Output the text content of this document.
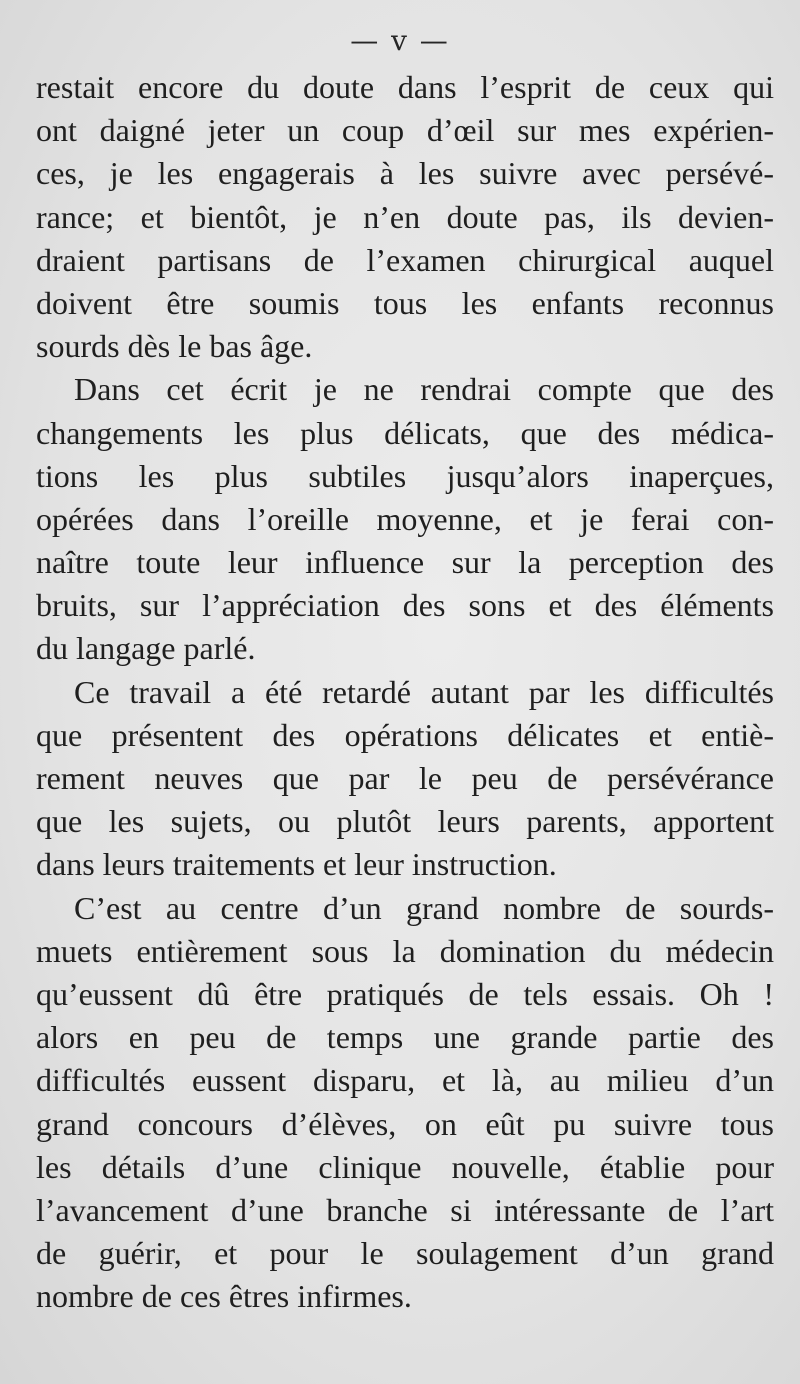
— v —
restait encore du doute dans l’esprit de ceux qui
ont daigné jeter un coup d’œil sur mes expérien-
ces, je les engagerais à les suivre avec persévé-
rance; et bientôt, je n’en doute pas, ils devien-
draient partisans de l’examen chirurgical auquel
doivent être soumis tous les enfants reconnus
sourds dès le bas âge.
Dans cet écrit je ne rendrai compte que des
changements les plus délicats, que des médica-
tions les plus subtiles jusqu’alors inaperçues,
opérées dans l’oreille moyenne, et je ferai con-
naître toute leur influence sur la perception des
bruits, sur l’appréciation des sons et des éléments
du langage parlé.
Ce travail a été retardé autant par les difficultés
que présentent des opérations délicates et entiè-
rement neuves que par le peu de persévérance
que les sujets, ou plutôt leurs parents, apportent
dans leurs traitements et leur instruction.
C’est au centre d’un grand nombre de sourds-
muets entièrement sous la domination du médecin
qu’eussent dû être pratiqués de tels essais. Oh !
alors en peu de temps une grande partie des
difficultés eussent disparu, et là, au milieu d’un
grand concours d’élèves, on eût pu suivre tous
les détails d’une clinique nouvelle, établie pour
l’avancement d’une branche si intéressante de l’art
de guérir, et pour le soulagement d’un grand
nombre de ces êtres infirmes.
